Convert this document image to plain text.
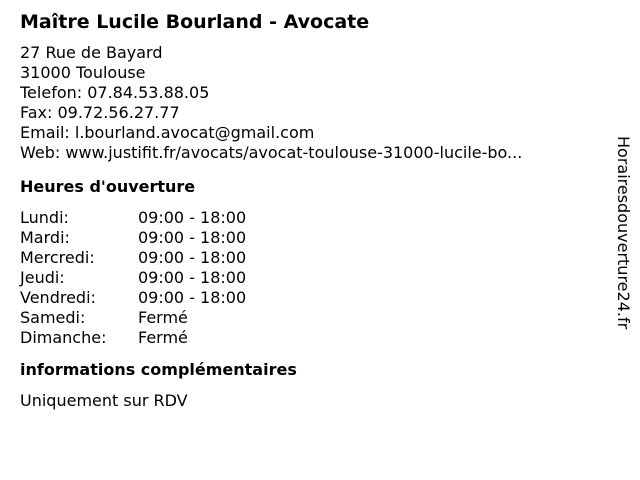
Maître Lucile Bourland - Avocate
27 Rue de Bayard
31000 Toulouse
Telefon: 07.84.53.88.05
Fax: 09.72.56.27.77
Email: l.bourland.avocat@gmail.com
Web: www.justifit.fr/avocats/avocat-toulouse-31000-lucile-bo...
Heures d'ouverture
Lundi:	09:00 - 18:00
Mardi:	09:00 - 18:00
Mercredi:	09:00 - 18:00
Jeudi:	09:00 - 18:00
Vendredi:	09:00 - 18:00
Samedi:	Fermé
Dimanche: Fermé
informations complémentaires
Uniquement sur RDV
Horairesdouverture24.fr
